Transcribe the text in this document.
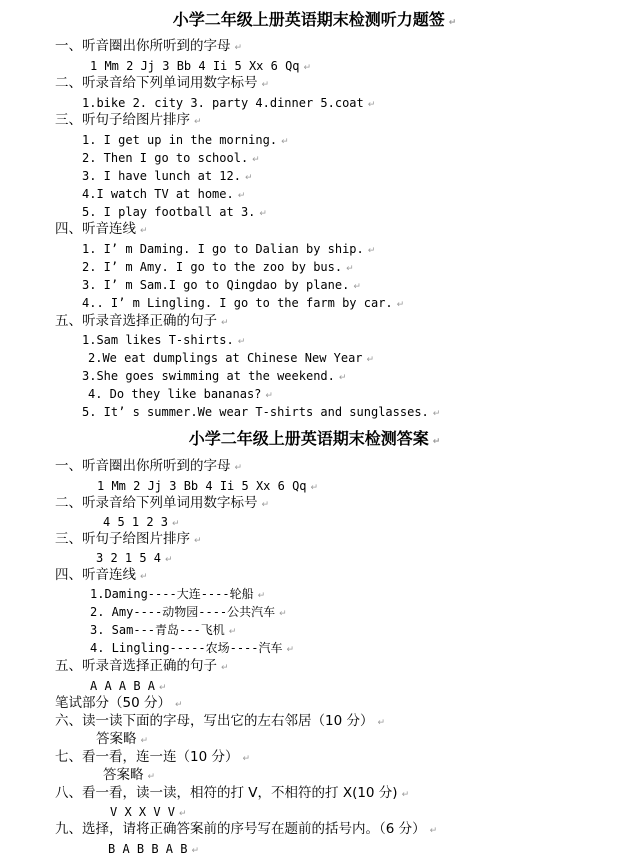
小学二年级上册英语期末检测听力题签 ↵
一、听音圈出你所听到的字母 ↵
1 Mm 2 Jj 3 Bb 4 Ii 5 Xx 6 Qq ↵
二、听录音给下列单词用数字标号 ↵
1.bike 2. city 3. party 4.dinner 5.coat ↵
三、听句子给图片排序 ↵
1. I get up in the morning. ↵
2. Then I go to school. ↵
3. I have lunch at 12. ↵
4.I watch TV at home. ↵
5. I play football at 3. ↵
四、听音连线 ↵
1. I’ m Daming. I go to Dalian by ship. ↵
2. I’ m Amy. I go to the zoo by bus. ↵
3. I’ m Sam.I go to Qingdao by plane. ↵
4.. I’ m Lingling. I go to the farm by car. ↵
五、听录音选择正确的句子 ↵
1.Sam likes T-shirts. ↵
2.We eat dumplings at Chinese New Year ↵
3.She goes swimming at the weekend. ↵
4. Do they like bananas? ↵
5. It’ s summer.We wear T-shirts and sunglasses. ↵
小学二年级上册英语期末检测答案 ↵
一、听音圈出你所听到的字母 ↵
1 Mm 2 Jj 3 Bb 4 Ii 5 Xx 6 Qq ↵
二、听录音给下列单词用数字标号 ↵
4 5 1 2 3 ↵
三、听句子给图片排序 ↵
3 2 1 5 4 ↵
四、听音连线 ↵
1.Daming----大连----轮船 ↵
2. Amy----动物园----公共汽车 ↵
3. Sam---青岛---飞机 ↵
4. Lingling-----农场----汽车 ↵
五、听录音选择正确的句子 ↵
A A A B A ↵
笔试部分（50 分） ↵
六、读一读下面的字母，写出它的左右邻居（10 分） ↵
答案略 ↵
七、看一看，连一连（10 分） ↵
答案略 ↵
八、看一看，读一读，相符的打 V，不相符的打 X(10 分) ↵
V X X V V ↵
九、选择，请将正确答案前的序号写在题前的括号内。（6 分） ↵
B A B B A B ↵
